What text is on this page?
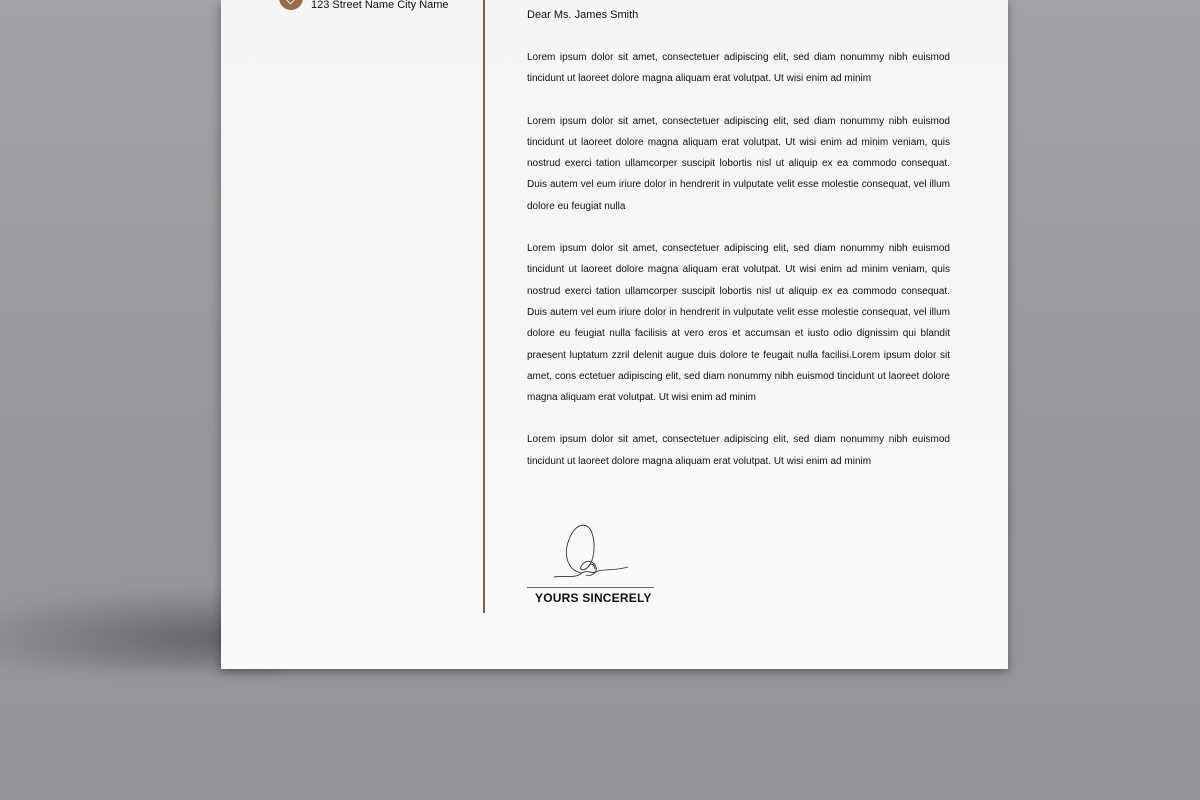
123 Street Name City Name

Dear Ms. James Smith

Lorem ipsum dolor sit amet, consectetuer adipiscing elit, sed diam nonummy nibh euismod tincidunt ut laoreet dolore magna aliquam erat volutpat. Ut wisi enim ad minim

Lorem ipsum dolor sit amet, consectetuer adipiscing elit, sed diam nonummy nibh euismod tincidunt ut laoreet dolore magna aliquam erat volutpat. Ut wisi enim ad minim veniam, quis nostrud exerci tation ullamcorper suscipit lobortis nisl ut aliquip ex ea commodo consequat. Duis autem vel eum iriure dolor in hendrerit in vulputate velit esse molestie consequat, vel illum dolore eu feugiat nulla

Lorem ipsum dolor sit amet, consectetuer adipiscing elit, sed diam nonummy nibh euismod tincidunt ut laoreet dolore magna aliquam erat volutpat. Ut wisi enim ad minim veniam, quis nostrud exerci tation ullamcorper suscipit lobortis nisl ut aliquip ex ea commodo consequat. Duis autem vel eum iriure dolor in hendrerit in vulputate velit esse molestie consequat, vel illum dolore eu feugiat nulla facilisis at vero eros et accumsan et iusto odio dignissim qui blandit praesent luptatum zzril delenit augue duis dolore te feugait nulla facilisi.Lorem ipsum dolor sit amet, cons ectetuer adipiscing elit, sed diam nonummy nibh euismod tincidunt ut laoreet dolore magna aliquam erat volutpat. Ut wisi enim ad minim

Lorem ipsum dolor sit amet, consectetuer adipiscing elit, sed diam nonummy nibh euismod tincidunt ut laoreet dolore magna aliquam erat volutpat. Ut wisi enim ad minim

YOURS SINCERELY
